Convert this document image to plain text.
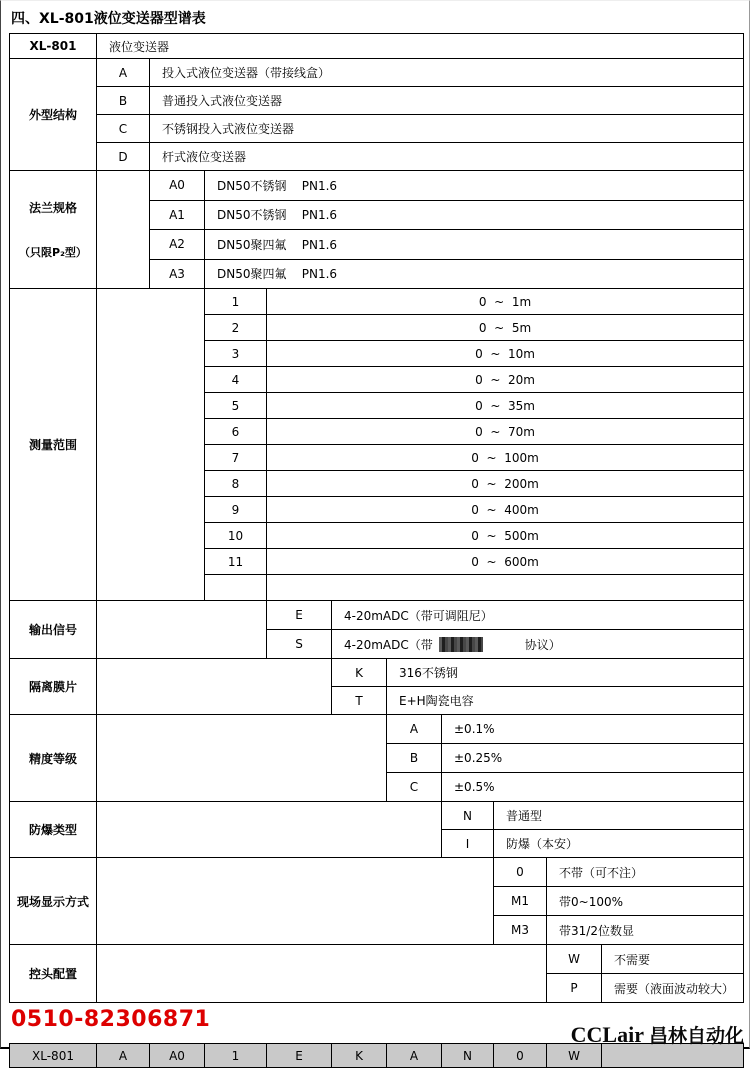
四、XL-801液位变送器型谱表
XL-801	液位变送器									
外型结构	A	投入式液位变送器（带接线盒）								
	B	普通投入式液位变送器								
	C	不锈钢投入式液位变送器								
	D	杆式液位变送器								

法兰规格

（只限P₂型）		A0	DN50不锈钢    PN1.6							
		A1	DN50不锈钢    PN1.6							
		A2	DN50聚四氟    PN1.6							
		A3	DN50聚四氟    PN1.6							
测量范围			1	0  ~  1m						
			2	0  ~  5m						
			3	0  ~  10m						
			4	0  ~  20m						
			5	0  ~  35m						
			6	0  ~  70m						
			7	0  ~  100m						
			8	0  ~  200m						
			9	0  ~  400m						
			10	0  ~  500m						
			11	0  ~  600m						

输出信号				E	4-20mADC（带可调阻尼）					
				S	4-20mADC（带 协议）					
隔离膜片					K	316不锈钢				
					T	E+H陶瓷电容				
精度等级						A	±0.1%			
						B	±0.25%			
						C	±0.5%			
防爆类型							N	普通型		
							I	防爆（本安）		
现场显示方式								0	不带（可不注）	
								M1	带0~100%	
								M3	带31/2位数显	
控头配置									W	不需要
									P	需要（液面波动较大）
0510-82306871
XL-801	A	A0	1	E	K	A	N	0	W	
CCLair 昌林自动化
